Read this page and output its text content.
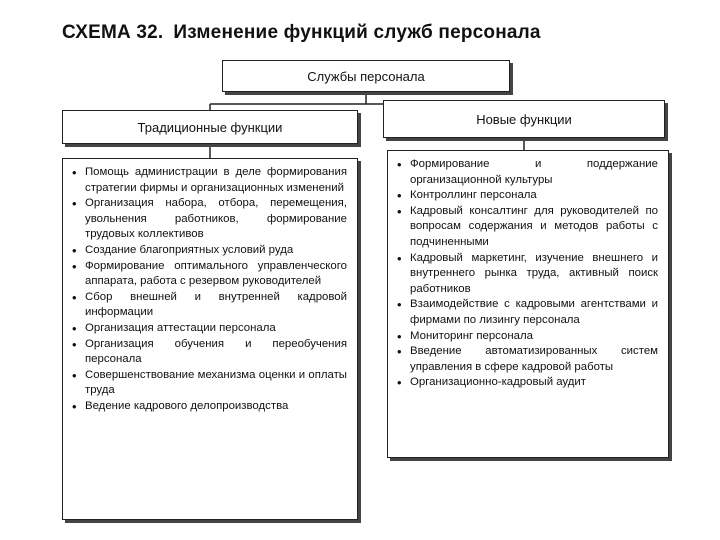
СХЕМА 32. Изменение функций служб персонала
Службы персонала
Традиционные функции
Новые функции
• Помощь администрации в деле формирования стратегии фирмы и организационных изменений
• Организация набора, отбора, перемещения, увольнения работников, формирование трудовых коллективов
• Создание благоприятных условий руда
• Формирование оптимального управленческого аппарата, работа с резервом руководителей
• Сбор внешней и внутренней кадровой информации
• Организация аттестации персонала
• Организация обучения и переобучения персонала
• Совершенствование механизма оценки и оплаты труда
• Ведение кадрового делопроизводства
• Формирование и поддержание организационной культуры
• Контроллинг персонала
• Кадровый консалтинг для руководителей по вопросам содержания и методов работы с подчиненными
• Кадровый маркетинг, изучение внешнего и внутреннего рынка труда, активный поиск работников
• Взаимодействие с кадровыми агентствами и фирмами по лизингу персонала
• Мониторинг персонала
• Введение автоматизированных систем управления в сфере кадровой работы
• Организационно-кадровый аудит
